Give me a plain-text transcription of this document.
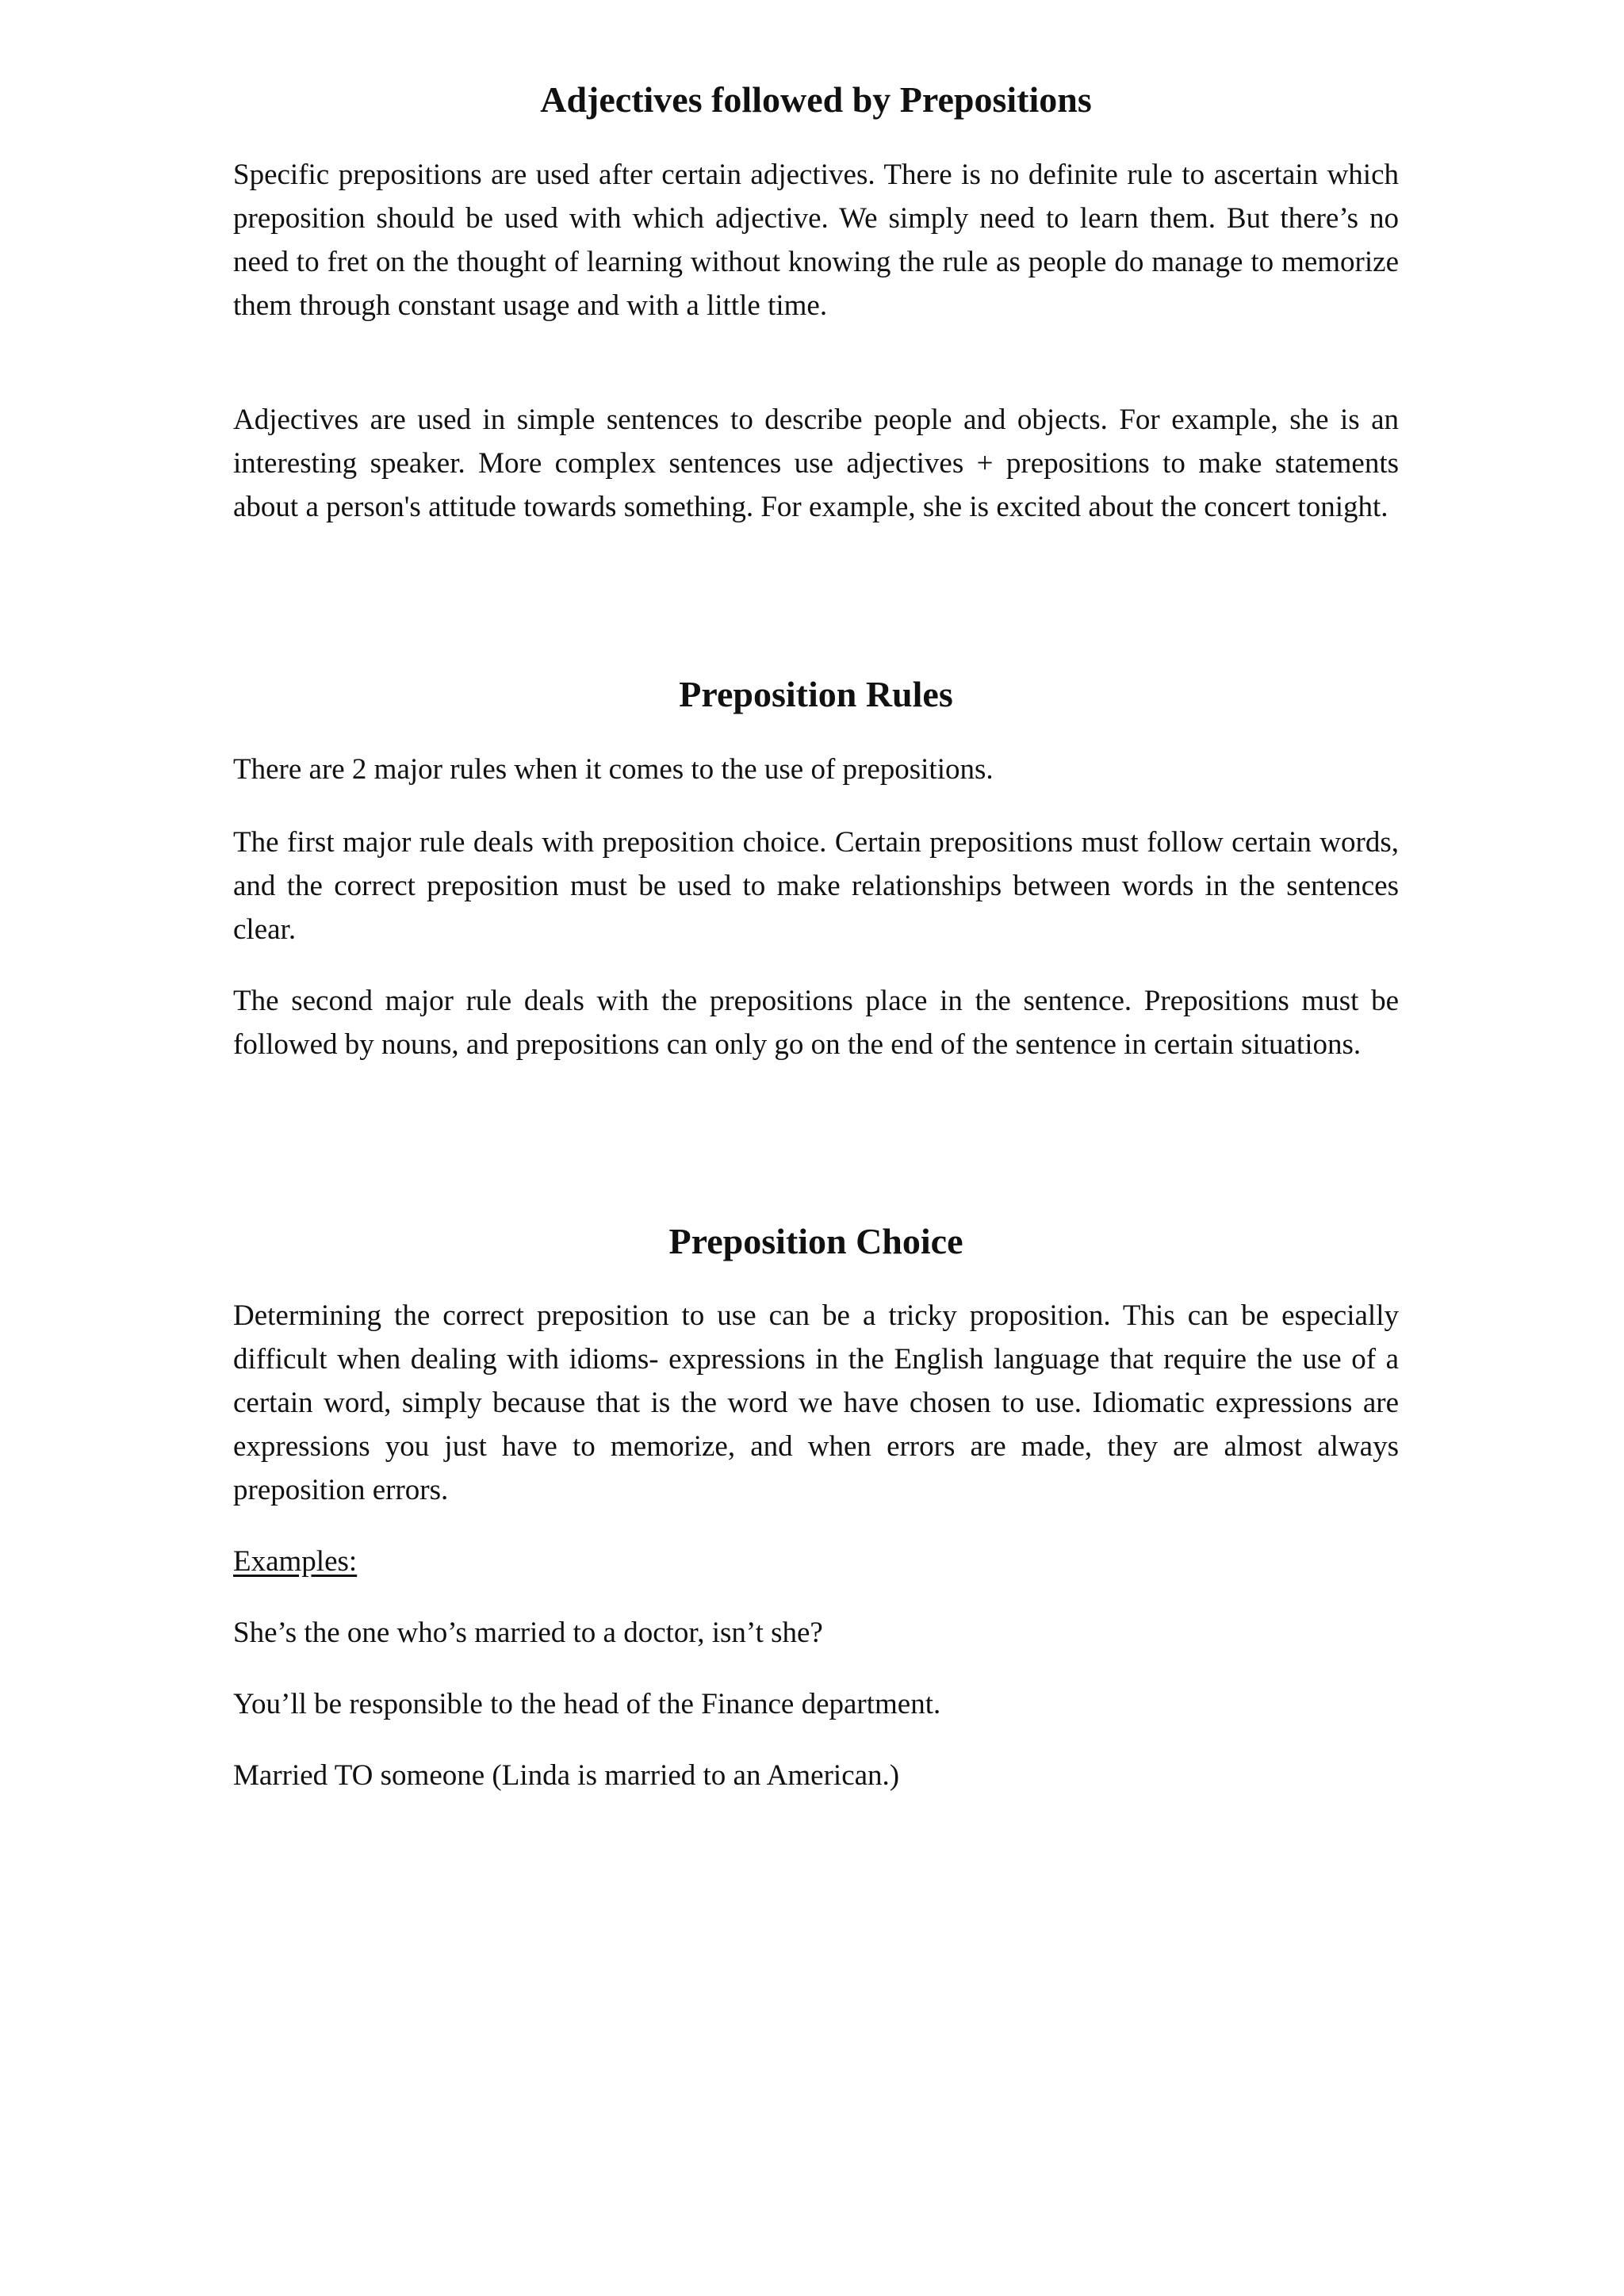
Adjectives followed by Prepositions

Specific prepositions are used after certain adjectives. There is no definite rule to ascertain which preposition should be used with which adjective. We simply need to learn them. But there’s no need to fret on the thought of learning without knowing the rule as people do manage to memorize them through constant usage and with a little time.

Adjectives are used in simple sentences to describe people and objects. For example, she is an interesting speaker. More complex sentences use adjectives + prepositions to make statements about a person's attitude towards something. For example, she is excited about the concert tonight.

Preposition Rules

There are 2 major rules when it comes to the use of prepositions.

The first major rule deals with preposition choice. Certain prepositions must follow certain words, and the correct preposition must be used to make relationships between words in the sentences clear.

The second major rule deals with the prepositions place in the sentence. Prepositions must be followed by nouns, and prepositions can only go on the end of the sentence in certain situations.

Preposition Choice

Determining the correct preposition to use can be a tricky proposition. This can be especially difficult when dealing with idioms- expressions in the English language that require the use of a certain word, simply because that is the word we have chosen to use. Idiomatic expressions are expressions you just have to memorize, and when errors are made, they are almost always preposition errors.

Examples:

She’s the one who’s married to a doctor, isn’t she?

You’ll be responsible to the head of the Finance department.

Married TO someone (Linda is married to an American.)
